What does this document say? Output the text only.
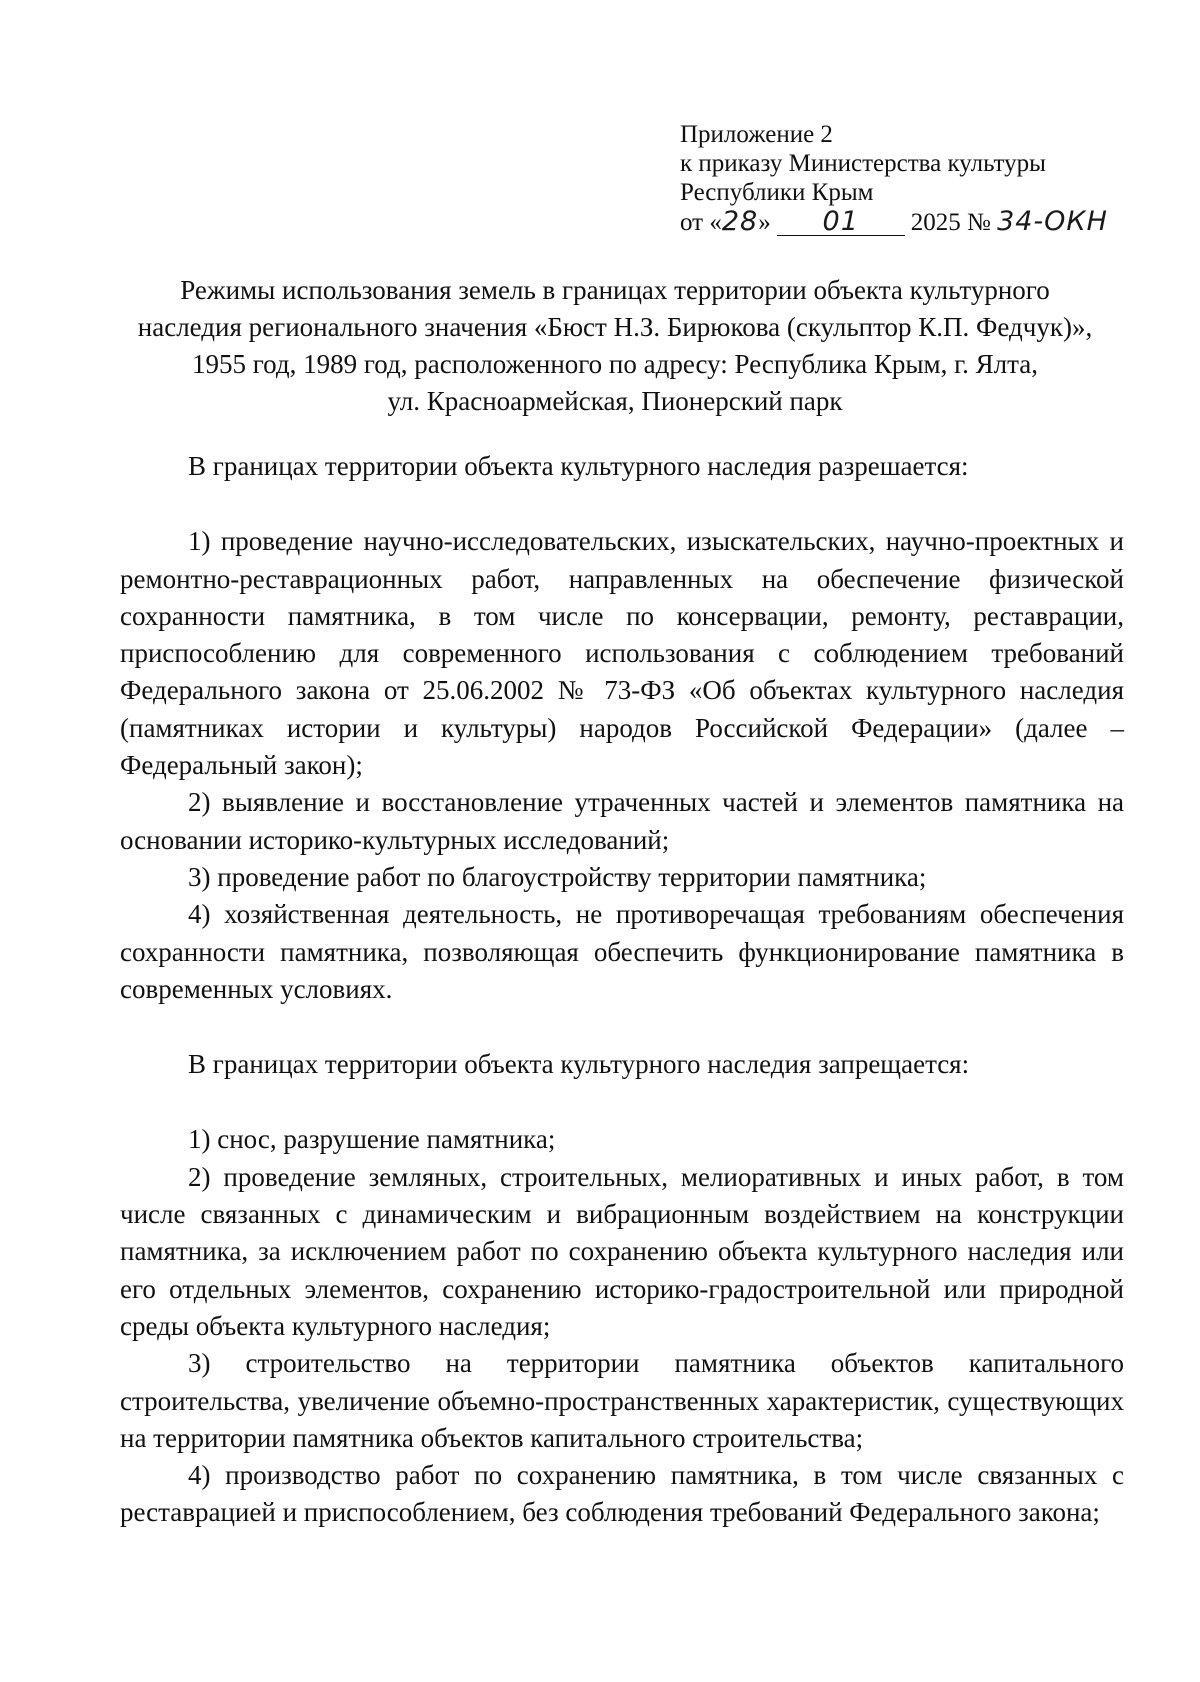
Приложение 2
к приказу Министерства культуры
Республики Крым
от «28» 01 2025 № 34-ОКН
Режимы использования земель в границах территории объекта культурного
наследия регионального значения «Бюст Н.З. Бирюкова (скульптор К.П. Федчук)»,
1955 год, 1989 год, расположенного по адресу: Республика Крым, г. Ялта,
ул. Красноармейская, Пионерский парк

В границах территории объекта культурного наследия разрешается:

1) проведение научно-исследовательских, изыскательских, научно-проектных и ремонтно-реставрационных работ, направленных на обеспечение физической сохранности памятника, в том числе по консервации, ремонту, реставрации, приспособлению для современного использования с соблюдением требований Федерального закона от 25.06.2002 № 73-ФЗ «Об объектах культурного наследия (памятниках истории и культуры) народов Российской Федерации» (далее – Федеральный закон);

2) выявление и восстановление утраченных частей и элементов памятника на основании историко-культурных исследований;

3) проведение работ по благоустройству территории памятника;

4) хозяйственная деятельность, не противоречащая требованиям обеспечения сохранности памятника, позволяющая обеспечить функционирование памятника в современных условиях.

В границах территории объекта культурного наследия запрещается:

1) снос, разрушение памятника;

2) проведение земляных, строительных, мелиоративных и иных работ, в том числе связанных с динамическим и вибрационным воздействием на конструкции памятника, за исключением работ по сохранению объекта культурного наследия или его отдельных элементов, сохранению историко-градостроительной или природной среды объекта культурного наследия;

3) строительство на территории памятника объектов капитального строительства, увеличение объемно-пространственных характеристик, существующих на территории памятника объектов капитального строительства;

4) производство работ по сохранению памятника, в том числе связанных с реставрацией и приспособлением, без соблюдения требований Федерального закона;
